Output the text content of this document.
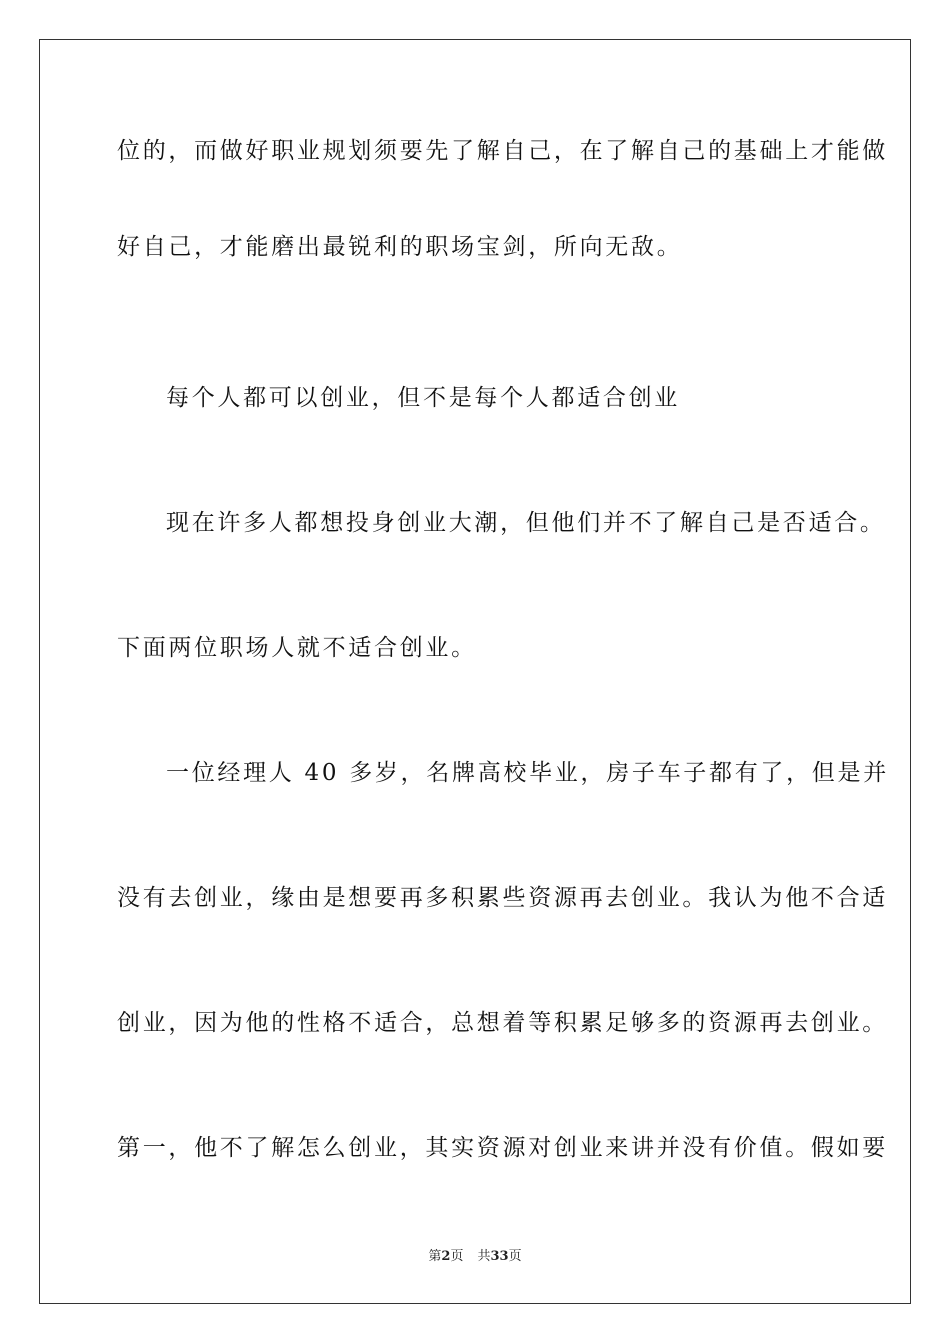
位的，而做好职业规划须要先了解自己，在了解自己的基础上才能做

好自己，才能磨出最锐利的职场宝剑，所向无敌。

每个人都可以创业，但不是每个人都适合创业

现在许多人都想投身创业大潮，但他们并不了解自己是否适合。

下面两位职场人就不适合创业。

一位经理人 40 多岁，名牌高校毕业，房子车子都有了，但是并

没有去创业，缘由是想要再多积累些资源再去创业。我认为他不合适

创业，因为他的性格不适合，总想着等积累足够多的资源再去创业。

第一，他不了解怎么创业，其实资源对创业来讲并没有价值。假如要

第2页 共33页
